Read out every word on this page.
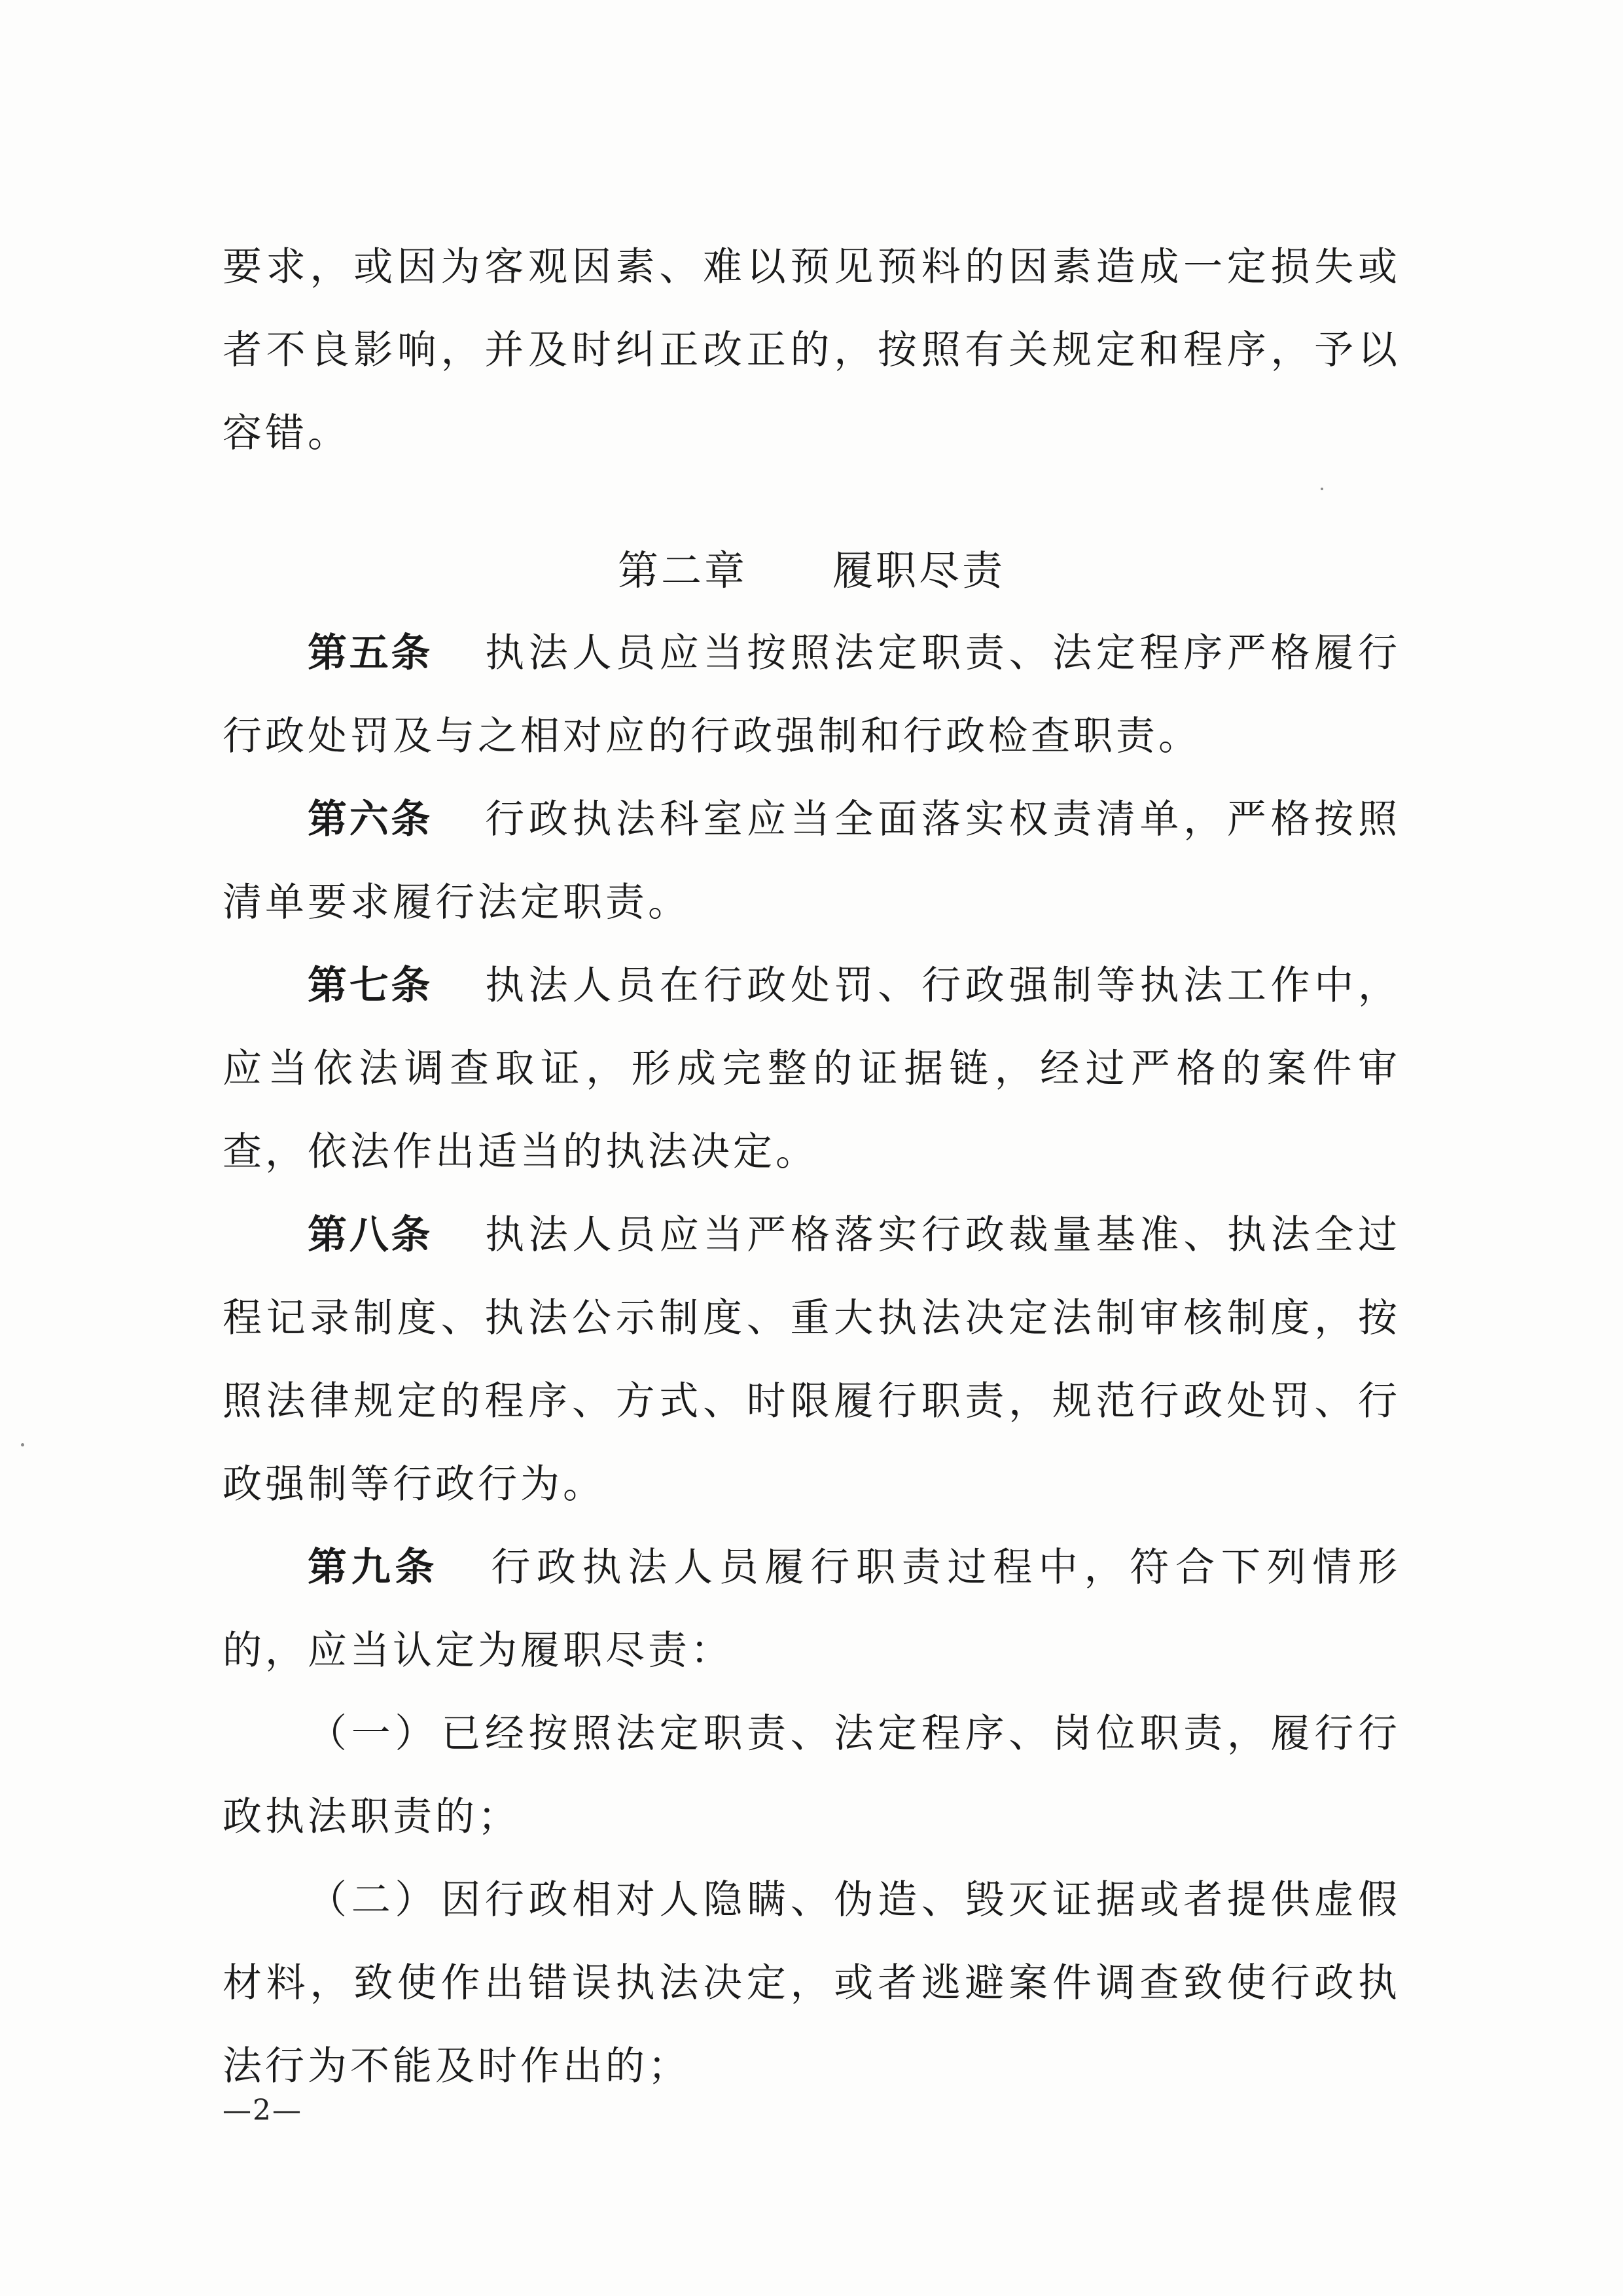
要求，或因为客观因素、难以预见预料的因素造成一定损失或者不良影响，并及时纠正改正的，按照有关规定和程序，予以容错。

第二章 履职尽责

第五条 执法人员应当按照法定职责、法定程序严格履行行政处罚及与之相对应的行政强制和行政检查职责。

第六条 行政执法科室应当全面落实权责清单，严格按照清单要求履行法定职责。

第七条 执法人员在行政处罚、行政强制等执法工作中，应当依法调查取证，形成完整的证据链，经过严格的案件审查，依法作出适当的执法决定。

第八条 执法人员应当严格落实行政裁量基准、执法全过程记录制度、执法公示制度、重大执法决定法制审核制度，按照法律规定的程序、方式、时限履行职责，规范行政处罚、行政强制等行政行为。

第九条 行政执法人员履行职责过程中，符合下列情形的，应当认定为履职尽责：

（一）已经按照法定职责、法定程序、岗位职责，履行行政执法职责的；

（二）因行政相对人隐瞒、伪造、毁灭证据或者提供虚假材料，致使作出错误执法决定，或者逃避案件调查致使行政执法行为不能及时作出的；

—2—
